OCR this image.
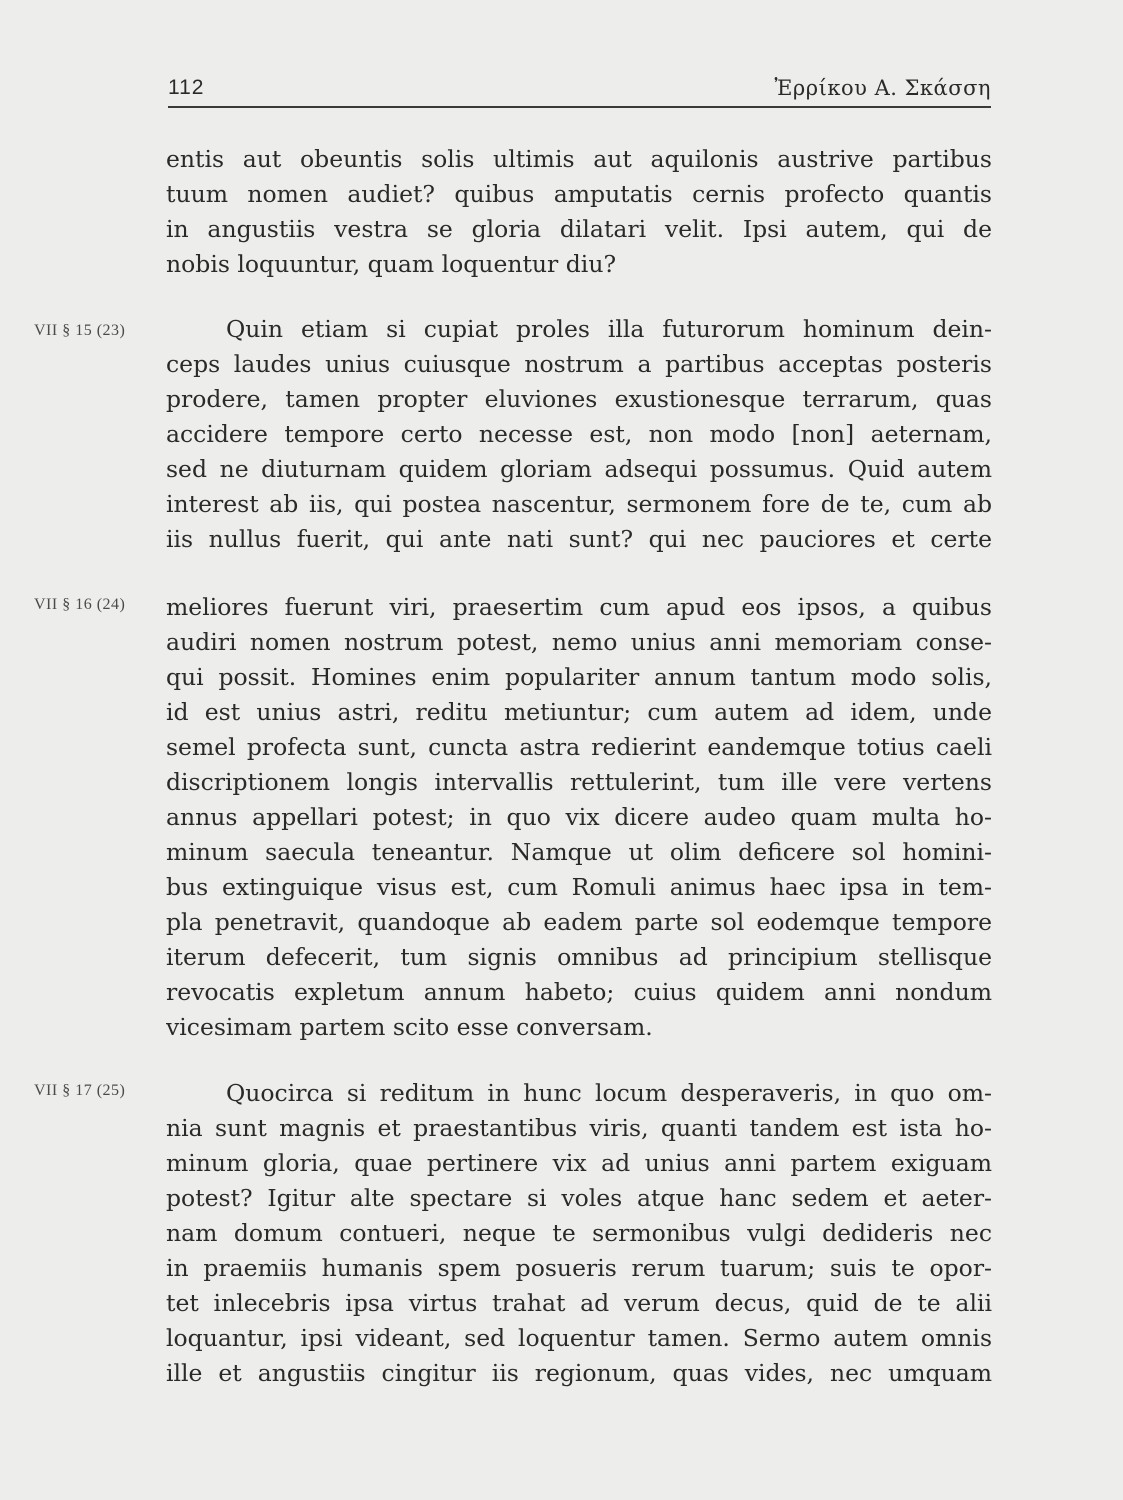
112	Ἐρρίκου Α. Σκάσση
entis aut obeuntis solis ultimis aut aquilonis austrive partibus
tuum nomen audiet? quibus amputatis cernis profecto quantis
in angustiis vestra se gloria dilatari velit. Ipsi autem, qui de
nobis loquuntur, quam loquentur diu?
VII § 15 (23)	Quin etiam si cupiat proles illa futurorum hominum dein-
ceps laudes unius cuiusque nostrum a partibus acceptas posteris
prodere, tamen propter eluviones exustionesque terrarum, quas
accidere tempore certo necesse est, non modo [non] aeternam,
sed ne diuturnam quidem gloriam adsequi possumus. Quid autem
interest ab iis, qui postea nascentur, sermonem fore de te, cum ab
iis nullus fuerit, qui ante nati sunt? qui nec pauciores et certe
VII § 16 (24) meliores fuerunt viri, praesertim cum apud eos ipsos, a quibus
audiri nomen nostrum potest, nemo unius anni memoriam conse-
qui possit. Homines enim populariter annum tantum modo solis,
id est unius astri, reditu metiuntur; cum autem ad idem, unde
semel profecta sunt, cuncta astra redierint eandemque totius caeli
discriptionem longis intervallis rettulerint, tum ille vere vertens
annus appellari potest; in quo vix dicere audeo quam multa ho-
minum saecula teneantur. Namque ut olim deficere sol homini-
bus extinguique visus est, cum Romuli animus haec ipsa in tem-
pla penetravit, quandoque ab eadem parte sol eodemque tempore
iterum defecerit, tum signis omnibus ad principium stellisque
revocatis expletum annum habeto; cuius quidem anni nondum
vicesimam partem scito esse conversam.
VII § 17 (25)	Quocirca si reditum in hunc locum desperaveris, in quo om-
nia sunt magnis et praestantibus viris, quanti tandem est ista ho-
minum gloria, quae pertinere vix ad unius anni partem exiguam
potest? Igitur alte spectare si voles atque hanc sedem et aeter-
nam domum contueri, neque te sermonibus vulgi dedideris nec
in praemiis humanis spem posueris rerum tuarum; suis te opor-
tet inlecebris ipsa virtus trahat ad verum decus, quid de te alii
loquantur, ipsi videant, sed loquentur tamen. Sermo autem omnis
ille et angustiis cingitur iis regionum, quas vides, nec umquam
